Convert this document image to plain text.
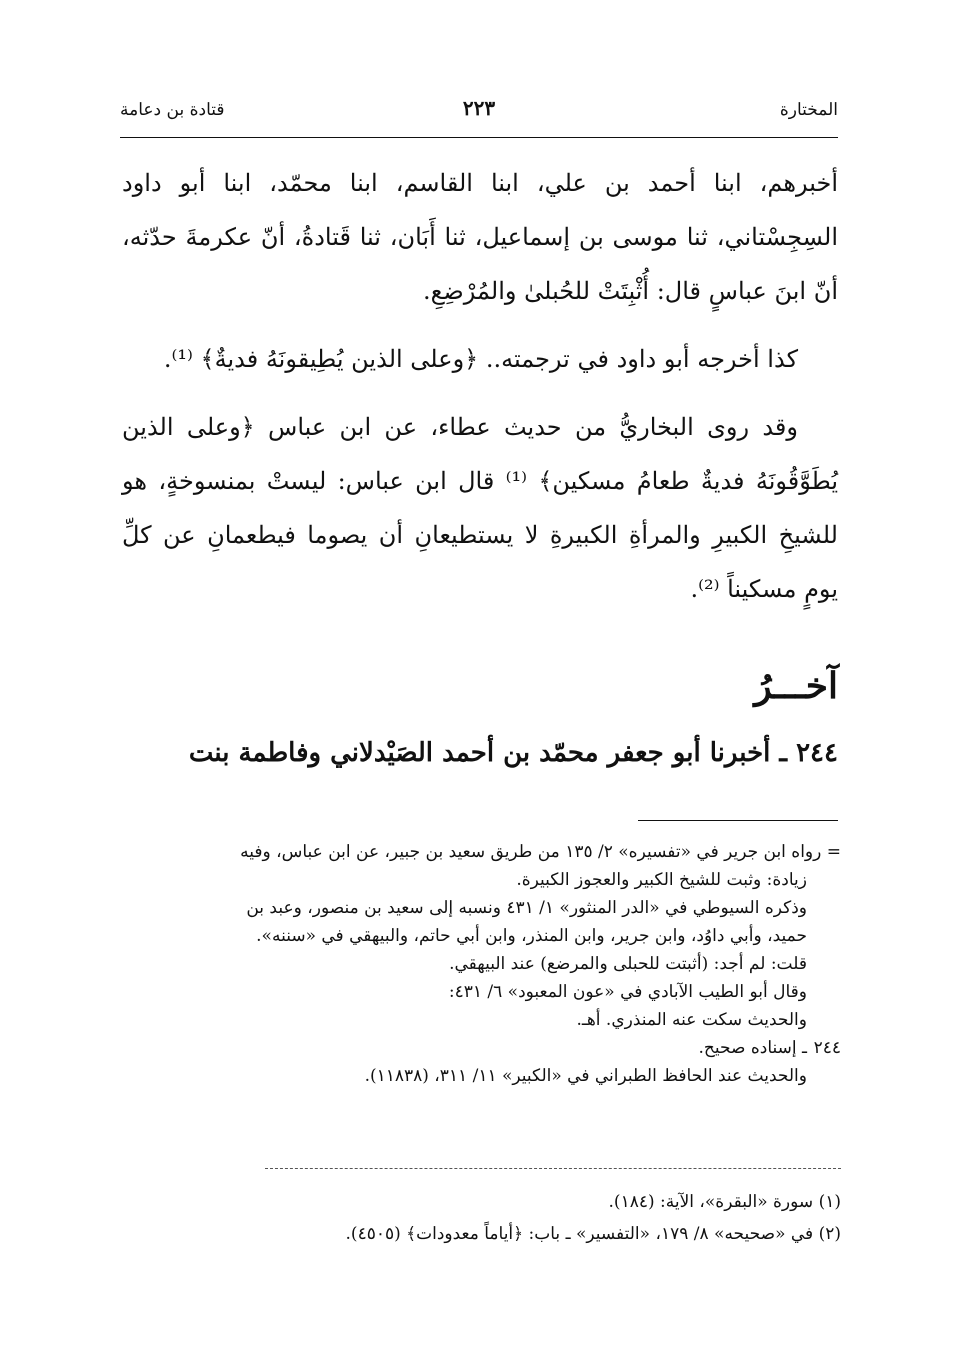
المختارة
٢٢٣
قتادة بن دعامة

أخبرهم، ابنا أحمد بن علي، ابنا القاسم، ابنا محمّد، ابنا أبو داود السِجِسْتاني، ثنا موسى بن إسماعيل، ثنا أَبَان، ثنا قَتادةُ، أنّ عكرمةَ حدّثه، أنّ ابنَ عباسٍ قال: أُثْبِتَتْ للحُبلىٰ والمُرْضِعِ.

كذا أخرجه أبو داود في ترجمته.. ﴿وعلى الذين يُطِيقونَهُ فديةٌ﴾ ⁽¹⁾.

وقد روى البخاريُّ من حديث عطاء، عن ابن عباس ﴿وعلى الذين يُطَوَّقُونَهُ فديةٌ طعامُ مسكين﴾ ⁽¹⁾ قال ابن عباس: ليستْ بمنسوخةٍ، هو للشيخِ الكبيرِ والمرأةِ الكبيرةِ لا يستطيعانِ أن يصوما فيطعمانِ عن كلِّ يومٍ مسكيناً ⁽²⁾.

آخـــرُ

٢٤٤ ـ أخبرنا أبو جعفر محمّد بن أحمد الصَيْدلاني وفاطمة بنت

= رواه ابن جرير في «تفسيره» ٢/ ١٣٥ من طريق سعيد بن جبير، عن ابن عباس، وفيه

زيادة: وثبت للشيخ الكبير والعجوز الكبيرة.

وذكره السيوطي في «الدر المنثور» ١/ ٤٣١ ونسبه إلى سعيد بن منصور، وعبد بن

حميد، وأبي داوُد، وابن جرير، وابن المنذر، وابن أبي حاتم، والبيهقي في «سننه».

قلت: لم أجد: (أثبتت للحبلى والمرضع) عند البيهقي.

وقال أبو الطيب الآبادي في «عون المعبود» ٦/ ٤٣١:

والحديث سكت عنه المنذري. أهـ.

٢٤٤ـ إسناده صحيح.

والحديث عند الحافظ الطبراني في «الكبير» ١١/ ٣١١، (١١٨٣٨).

(١) سورة «البقرة»، الآية: (١٨٤).

(٢) في «صحيحه» ٨/ ١٧٩، «التفسير» ـ باب: ﴿أياماً معدودات﴾ (٤٥٠٥).
